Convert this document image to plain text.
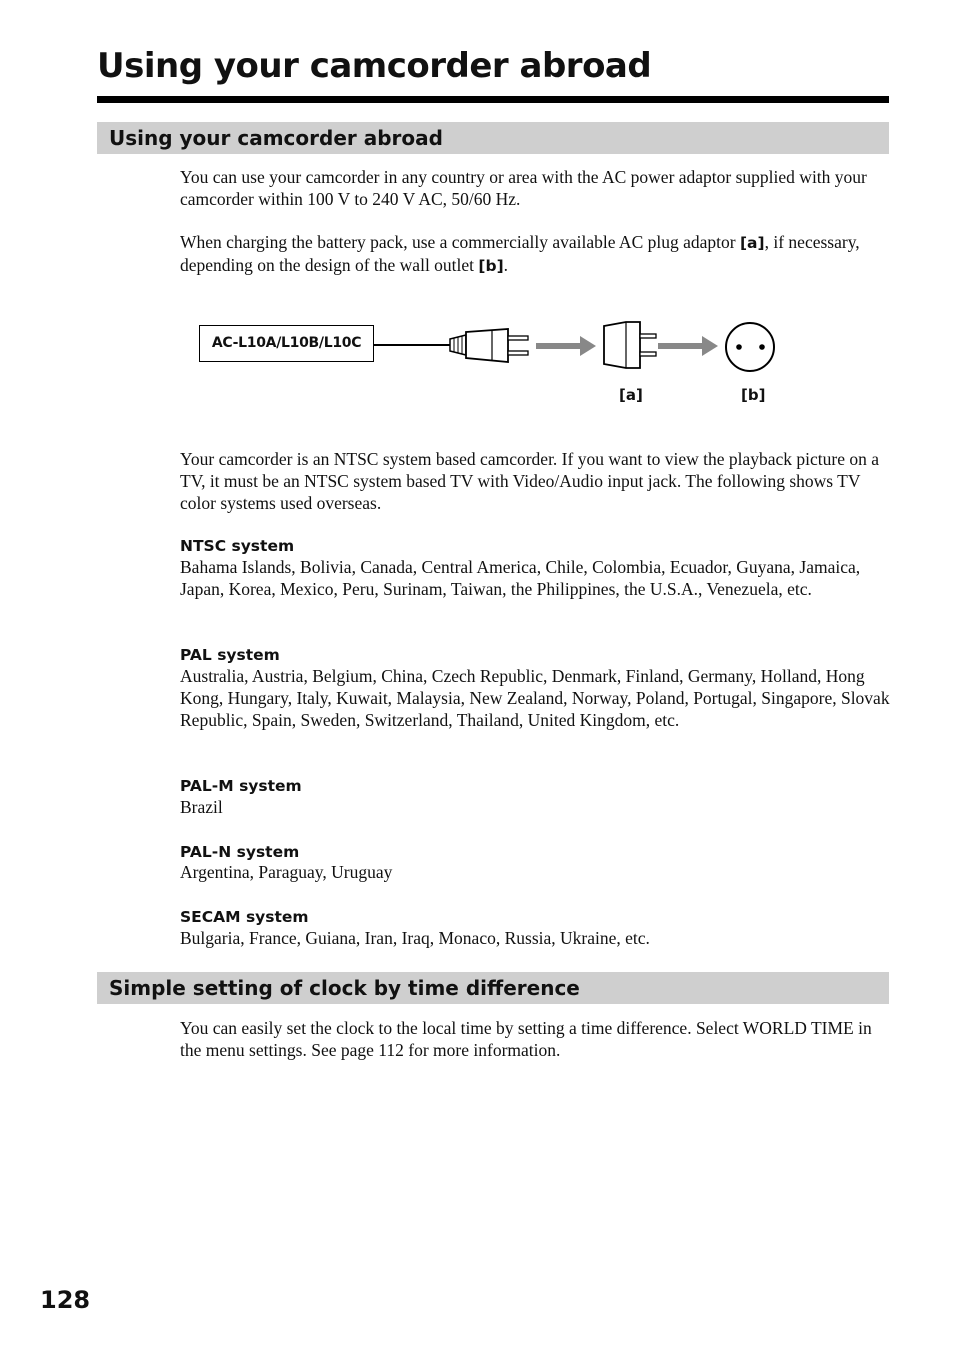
Using your camcorder abroad
Using your camcorder abroad

You can use your camcorder in any country or area with the AC power adaptor supplied with your camcorder within 100 V to 240 V AC, 50/60 Hz.

When charging the battery pack, use a commercially available AC plug adaptor [a], if necessary, depending on the design of the wall outlet [b].

AC-L10A/L10B/L10C
[a]	[b]

Your camcorder is an NTSC system based camcorder. If you want to view the playback picture on a TV, it must be an NTSC system based TV with Video/Audio input jack. The following shows TV color systems used overseas.

NTSC system

Bahama Islands, Bolivia, Canada, Central America, Chile, Colombia, Ecuador, Guyana, Jamaica, Japan, Korea, Mexico, Peru, Surinam, Taiwan, the Philippines, the U.S.A., Venezuela, etc.

PAL system

Australia, Austria, Belgium, China, Czech Republic, Denmark, Finland, Germany, Holland, Hong Kong, Hungary, Italy, Kuwait, Malaysia, New Zealand, Norway, Poland, Portugal, Singapore, Slovak Republic, Spain, Sweden, Switzerland, Thailand, United Kingdom, etc.

PAL-M system

Brazil

PAL-N system

Argentina, Paraguay, Uruguay

SECAM system

Bulgaria, France, Guiana, Iran, Iraq, Monaco, Russia, Ukraine, etc.

Simple setting of clock by time difference

You can easily set the clock to the local time by setting a time difference. Select WORLD TIME in the menu settings. See page 112 for more information.

128
